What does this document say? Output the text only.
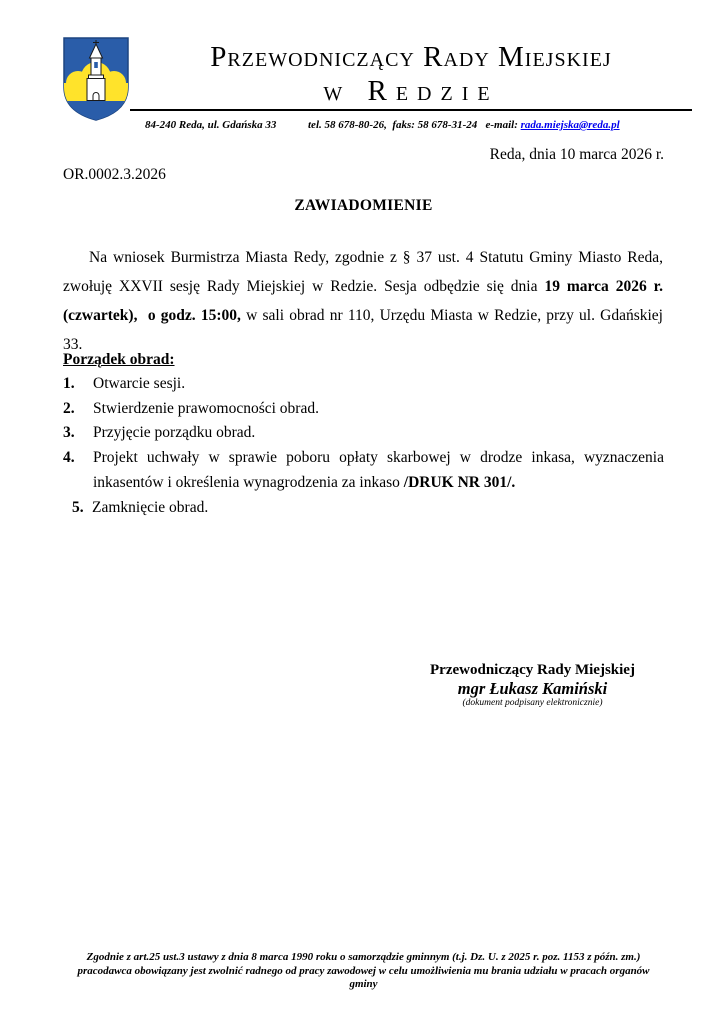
Przewodniczący Rady Miejskiej
w Redzie
84-240 Reda, ul. Gdańska 33	tel. 58 678-80-26,  faks: 58 678-31-24   e-mail: rada.miejska@reda.pl
Reda, dnia 10 marca 2026 r.
OR.0002.3.2026
ZAWIADOMIENIE
Na wniosek Burmistrza Miasta Redy, zgodnie z § 37 ust. 4 Statutu Gminy Miasto Reda, zwołuję XXVII sesję Rady Miejskiej w Redzie. Sesja odbędzie się dnia 19 marca 2026 r. (czwartek),  o godz. 15:00, w sali obrad nr 110, Urzędu Miasta w Redzie, przy ul. Gdańskiej 33.
Porządek obrad:
1. Otwarcie sesji.
2. Stwierdzenie prawomocności obrad.
3. Przyjęcie porządku obrad.
4. Projekt uchwały w sprawie poboru opłaty skarbowej w drodze inkasa, wyznaczenia inkasentów i określenia wynagrodzenia za inkaso /DRUK NR 301/.
5. Zamknięcie obrad.
Przewodniczący Rady Miejskiej
mgr Łukasz Kamiński
(dokument podpisany elektronicznie)
Zgodnie z art.25 ust.3 ustawy z dnia 8 marca 1990 roku o samorządzie gminnym (t.j. Dz. U. z 2025 r. poz. 1153 z późn. zm.) pracodawca obowiązany jest zwolnić radnego od pracy zawodowej w celu umożliwienia mu brania udziału w pracach organów gminy
